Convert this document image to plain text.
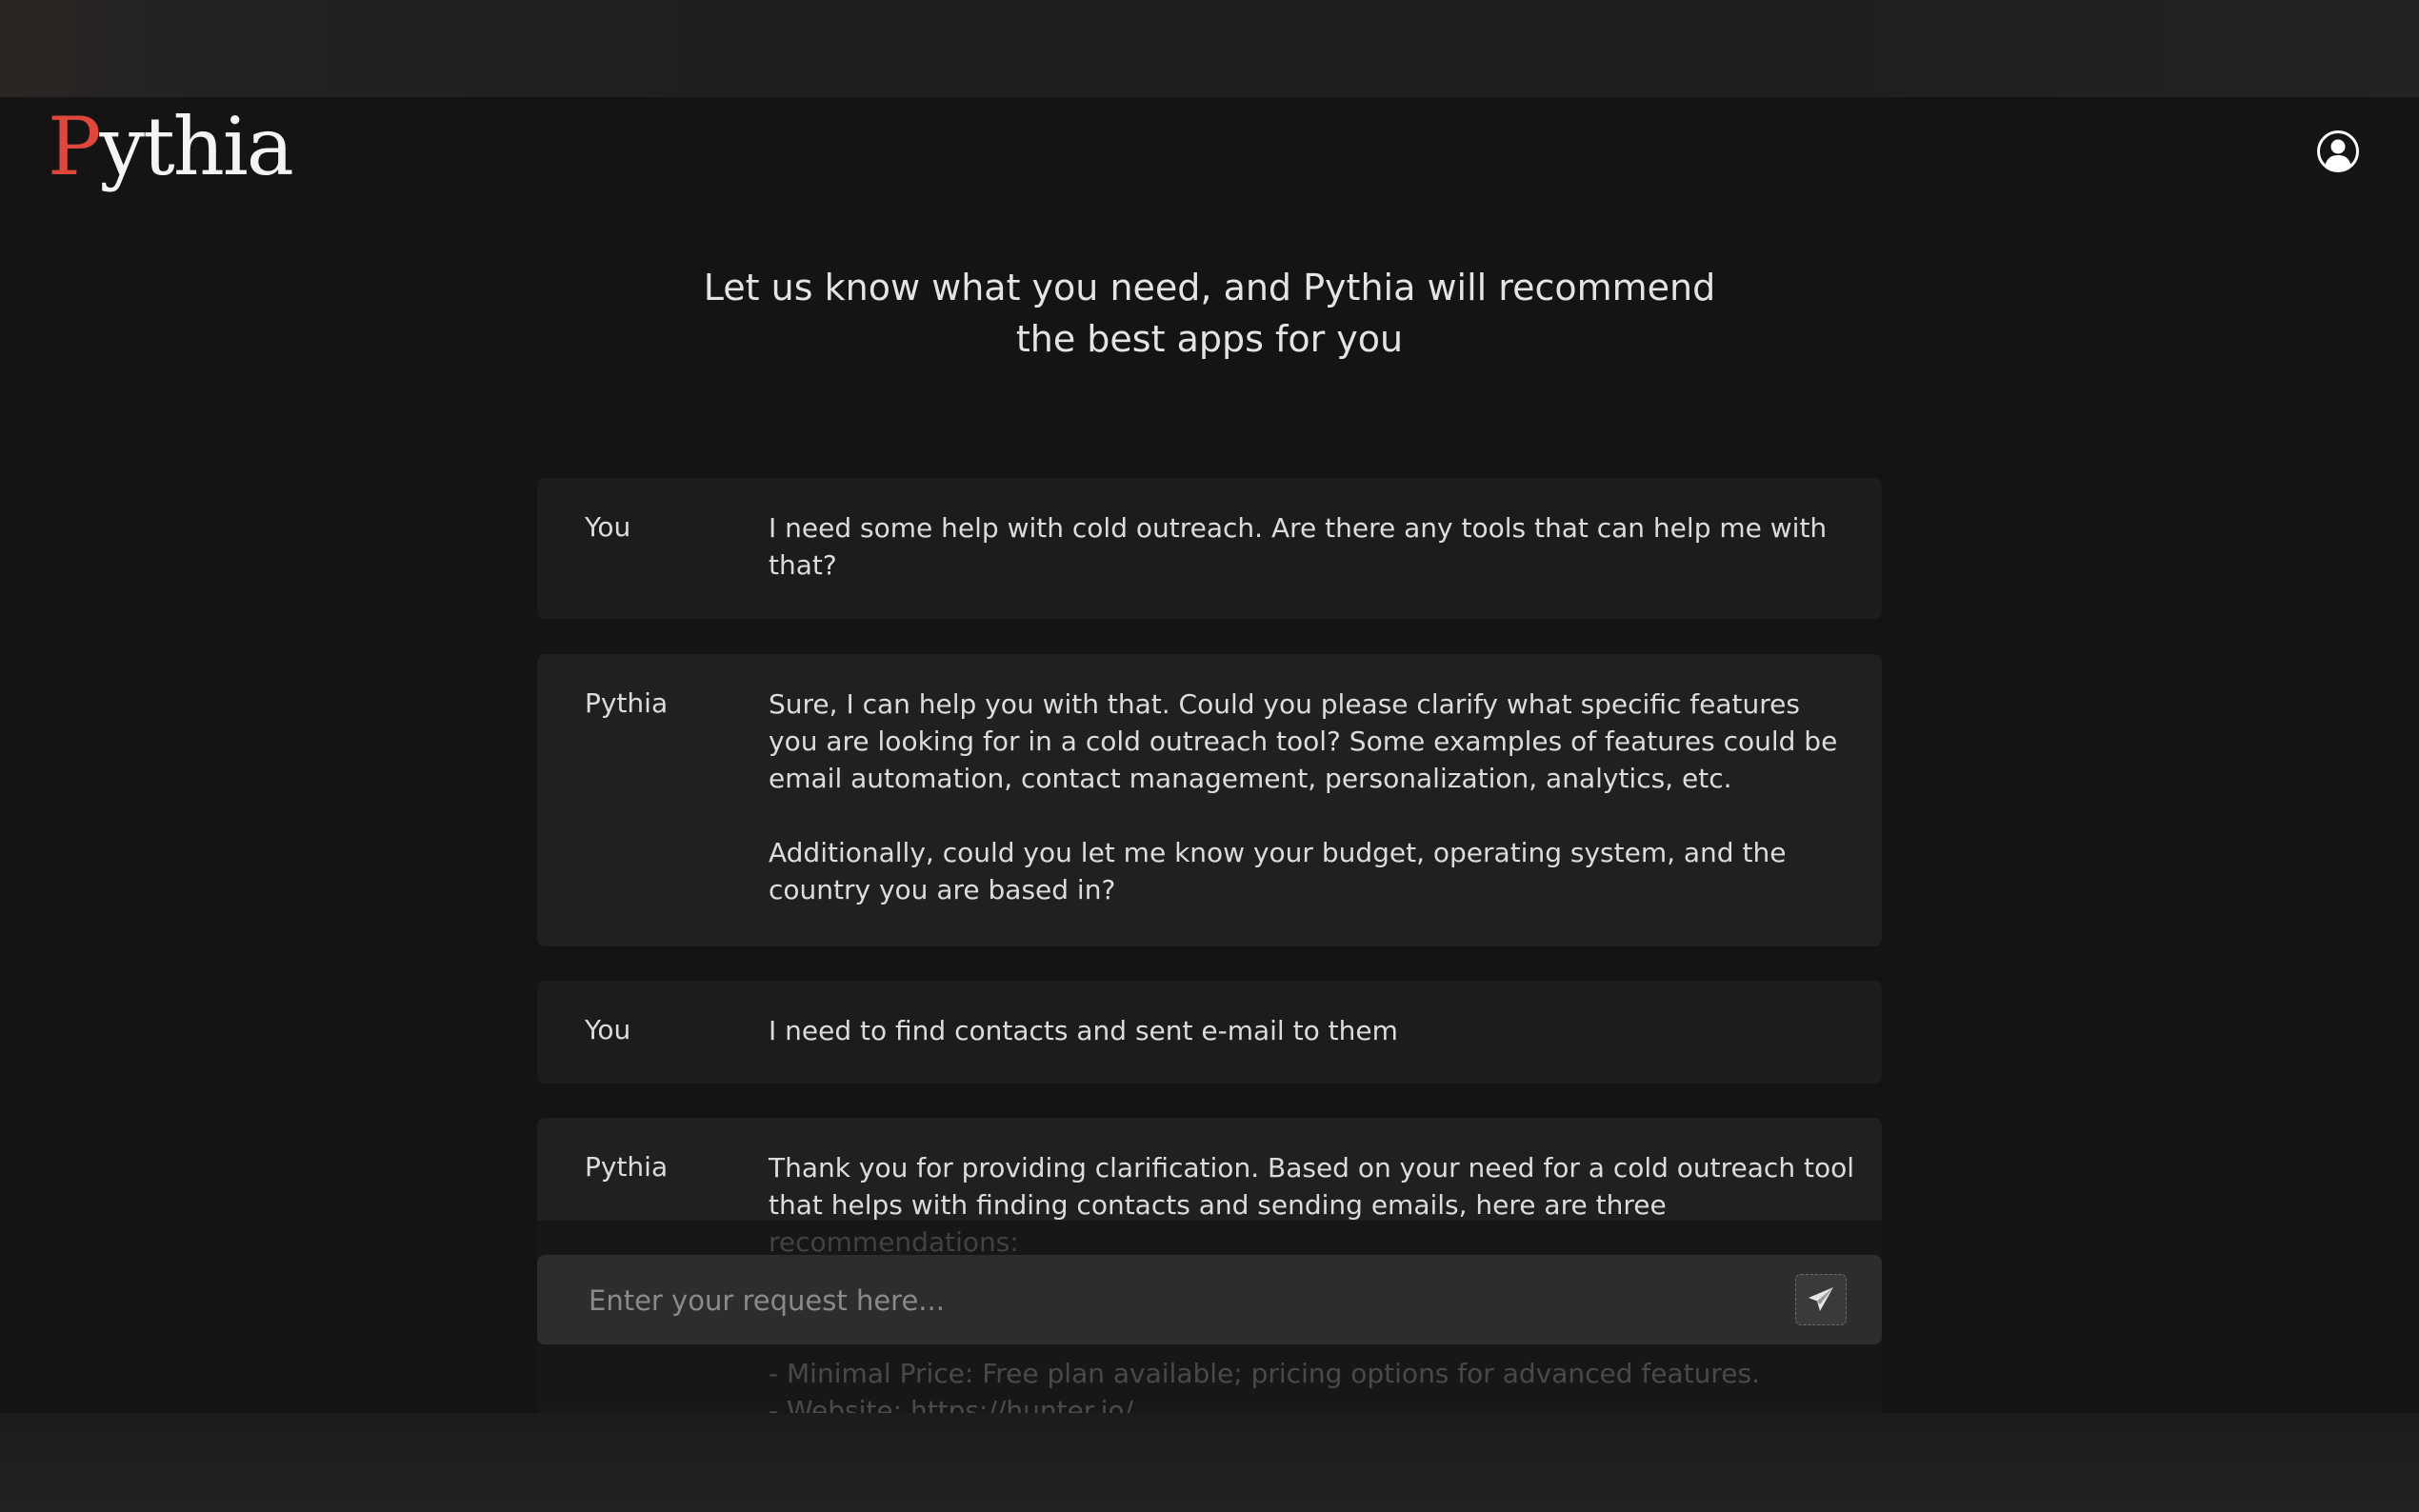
Pythia
Let us know what you need, and Pythia will recommend
the best apps for you
You	I need some help with cold outreach. Are there any tools that can help me with that?
Pythia	Sure, I can help you with that. Could you please clarify what specific features you are looking for in a cold outreach tool? Some examples of features could be email automation, contact management, personalization, analytics, etc.

Additionally, could you let me know your budget, operating system, and the country you are based in?
You	I need to find contacts and sent e-mail to them
Pythia	Thank you for providing clarification. Based on your need for a cold outreach tool that helps with finding contacts and sending emails, here are three
Enter your request here...
